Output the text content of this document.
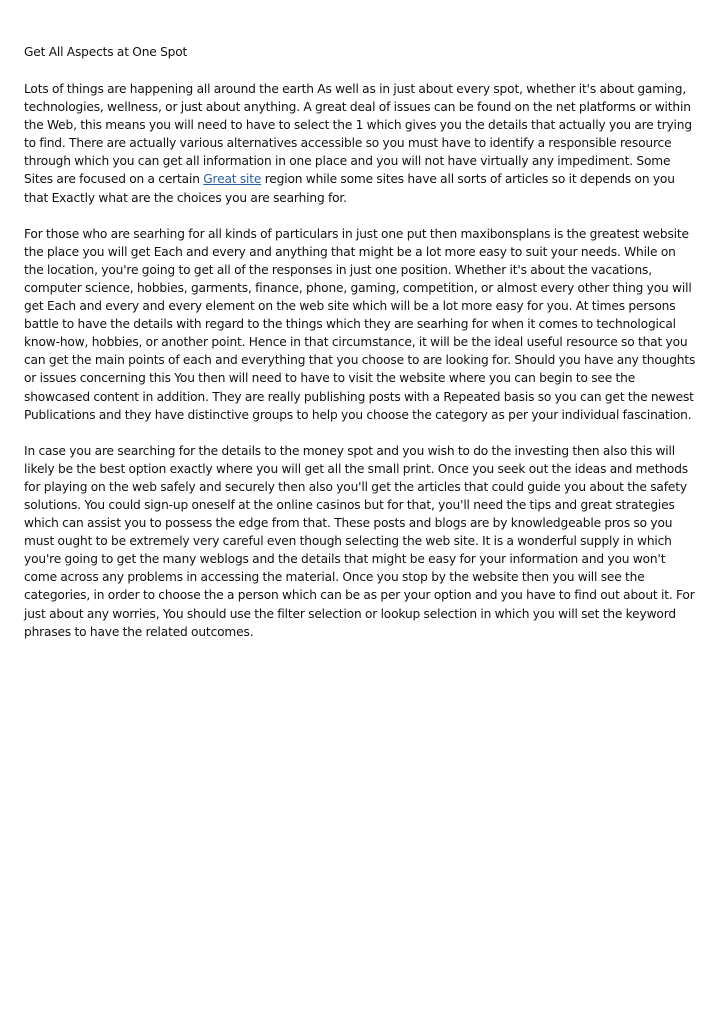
Get All Aspects at One Spot

Lots of things are happening all around the earth As well as in just about every spot, whether it's about gaming, technologies, wellness, or just about anything. A great deal of issues can be found on the net platforms or within the Web, this means you will need to have to select the 1 which gives you the details that actually you are trying to find. There are actually various alternatives accessible so you must have to identify a responsible resource through which you can get all information in one place and you will not have virtually any impediment. Some Sites are focused on a certain Great site region while some sites have all sorts of articles so it depends on you that Exactly what are the choices you are searhing for.

For those who are searhing for all kinds of particulars in just one put then maxibonsplans is the greatest website the place you will get Each and every and anything that might be a lot more easy to suit your needs. While on the location, you're going to get all of the responses in just one position. Whether it's about the vacations, computer science, hobbies, garments, finance, phone, gaming, competition, or almost every other thing you will get Each and every and every element on the web site which will be a lot more easy for you. At times persons battle to have the details with regard to the things which they are searhing for when it comes to technological know-how, hobbies, or another point. Hence in that circumstance, it will be the ideal useful resource so that you can get the main points of each and everything that you choose to are looking for. Should you have any thoughts or issues concerning this You then will need to have to visit the website where you can begin to see the showcased content in addition. They are really publishing posts with a Repeated basis so you can get the newest Publications and they have distinctive groups to help you choose the category as per your individual fascination.

In case you are searching for the details to the money spot and you wish to do the investing then also this will likely be the best option exactly where you will get all the small print. Once you seek out the ideas and methods for playing on the web safely and securely then also you'll get the articles that could guide you about the safety solutions. You could sign-up oneself at the online casinos but for that, you'll need the tips and great strategies which can assist you to possess the edge from that. These posts and blogs are by knowledgeable pros so you must ought to be extremely very careful even though selecting the web site. It is a wonderful supply in which you're going to get the many weblogs and the details that might be easy for your information and you won't come across any problems in accessing the material. Once you stop by the website then you will see the categories, in order to choose the a person which can be as per your option and you have to find out about it. For just about any worries, You should use the filter selection or lookup selection in which you will set the keyword phrases to have the related outcomes.
